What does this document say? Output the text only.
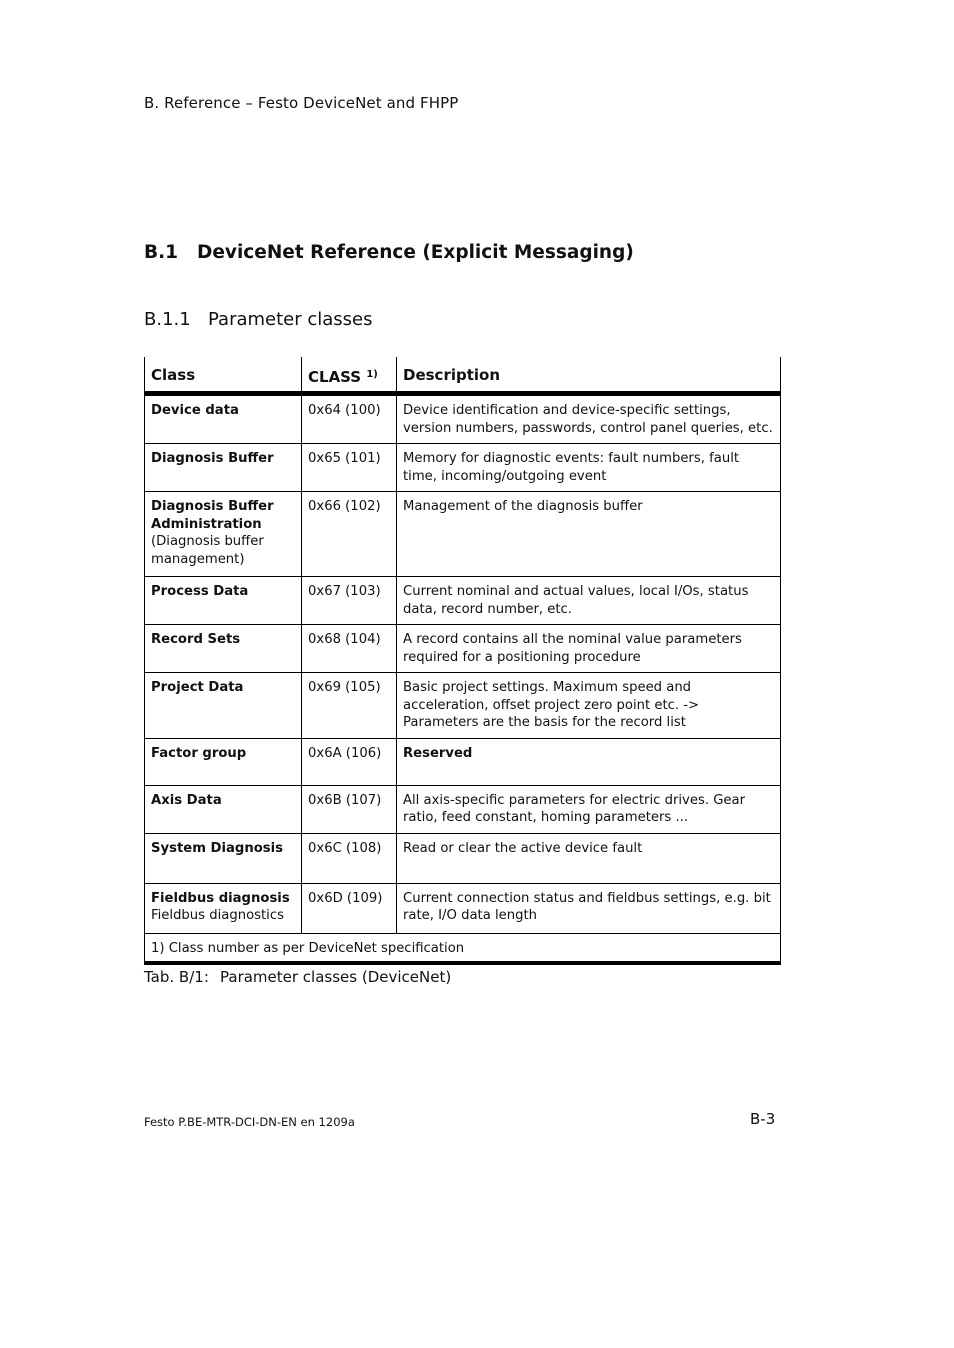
B. Reference – Festo DeviceNet and FHPP
B.1 DeviceNet Reference (Explicit Messaging)
B.1.1 Parameter classes
Class	CLASS $^{1)}$	Description
Device data	0x64 (100)	Device identification and device-specific settings, version numbers, passwords, control panel queries, etc.
Diagnosis Buffer	0x65 (101)	Memory for diagnostic events: fault numbers, fault time, incoming/outgoing event
Diagnosis Buffer Administration
(Diagnosis buffer management)	0x66 (102)	Management of the diagnosis buffer
Process Data	0x67 (103)	Current nominal and actual values, local I/Os, status data, record number, etc.
Record Sets	0x68 (104)	A record contains all the nominal value parameters required for a positioning procedure
Project Data	0x69 (105)	Basic project settings. Maximum speed and acceleration, offset project zero point etc. -> Parameters are the basis for the record list
Factor group	0x6A (106)	Reserved
Axis Data	0x6B (107)	All axis-specific parameters for electric drives. Gear ratio, feed constant, homing parameters ...
System Diagnosis	0x6C (108)	Read or clear the active device fault
Fieldbus diagnosis
Fieldbus diagnostics	0x6D (109)	Current connection status and fieldbus settings, e.g. bit rate, I/O data length
1) Class number as per DeviceNet specification		
Tab. B/1: Parameter classes (DeviceNet)
Festo P.BE-MTR-DCI-DN-EN en 1209a	B-3
